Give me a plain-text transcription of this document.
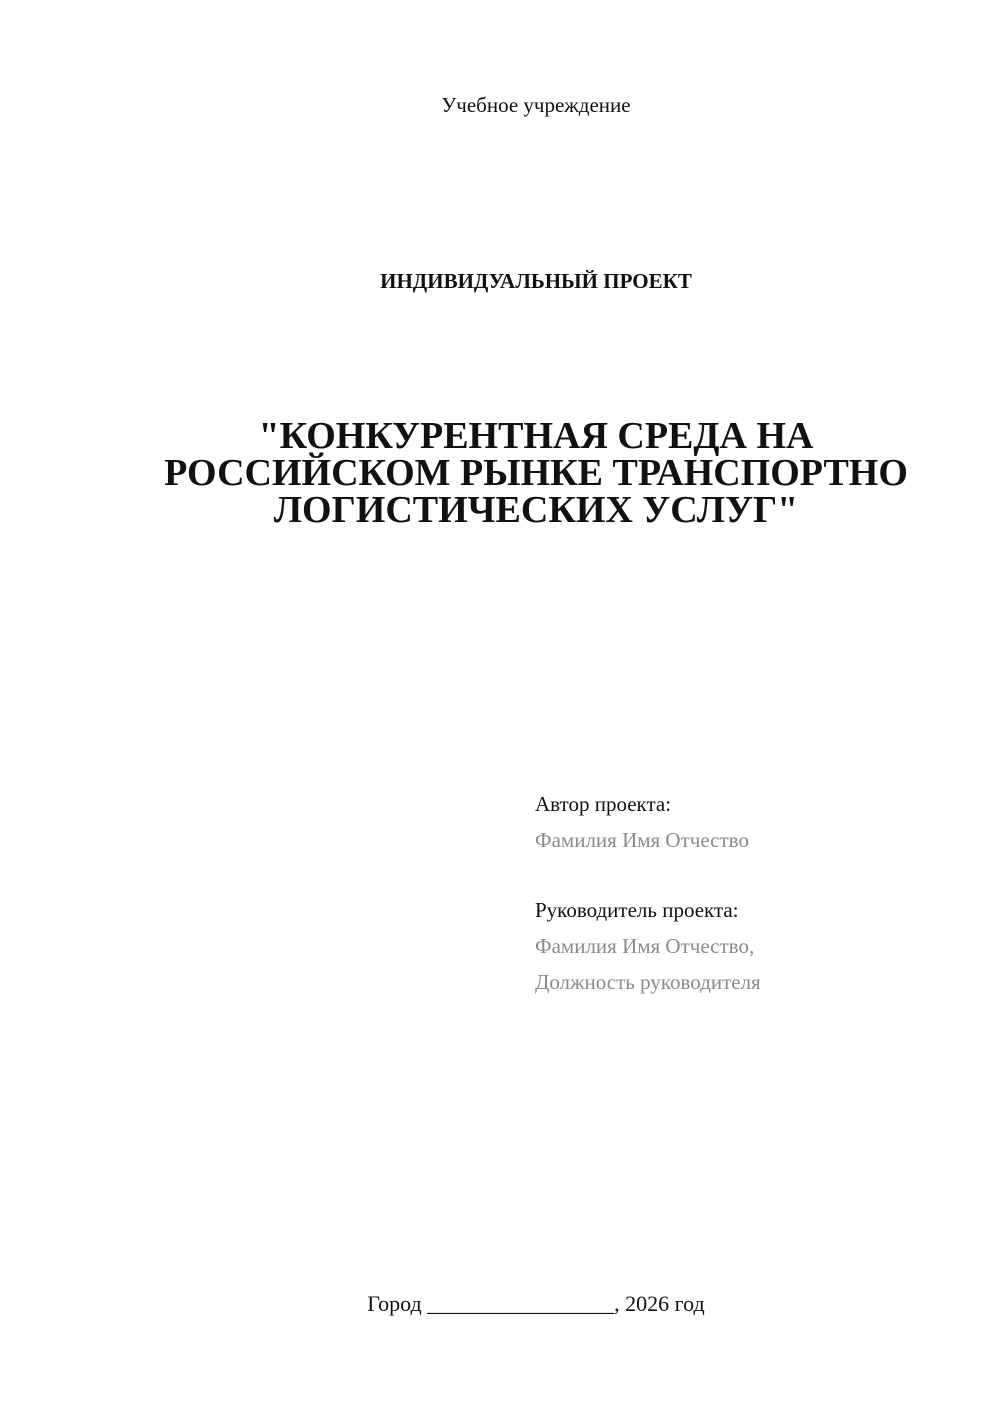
Учебное учреждение
ИНДИВИДУАЛЬНЫЙ ПРОЕКТ
"КОНКУРЕНТНАЯ СРЕДА НА
РОССИЙСКОМ РЫНКЕ ТРАНСПОРТНО
ЛОГИСТИЧЕСКИХ УСЛУГ"
Автор проекта:
Фамилия Имя Отчество
Руководитель проекта:
Фамилия Имя Отчество,
Должность руководителя
Город _________________, 2026 год
